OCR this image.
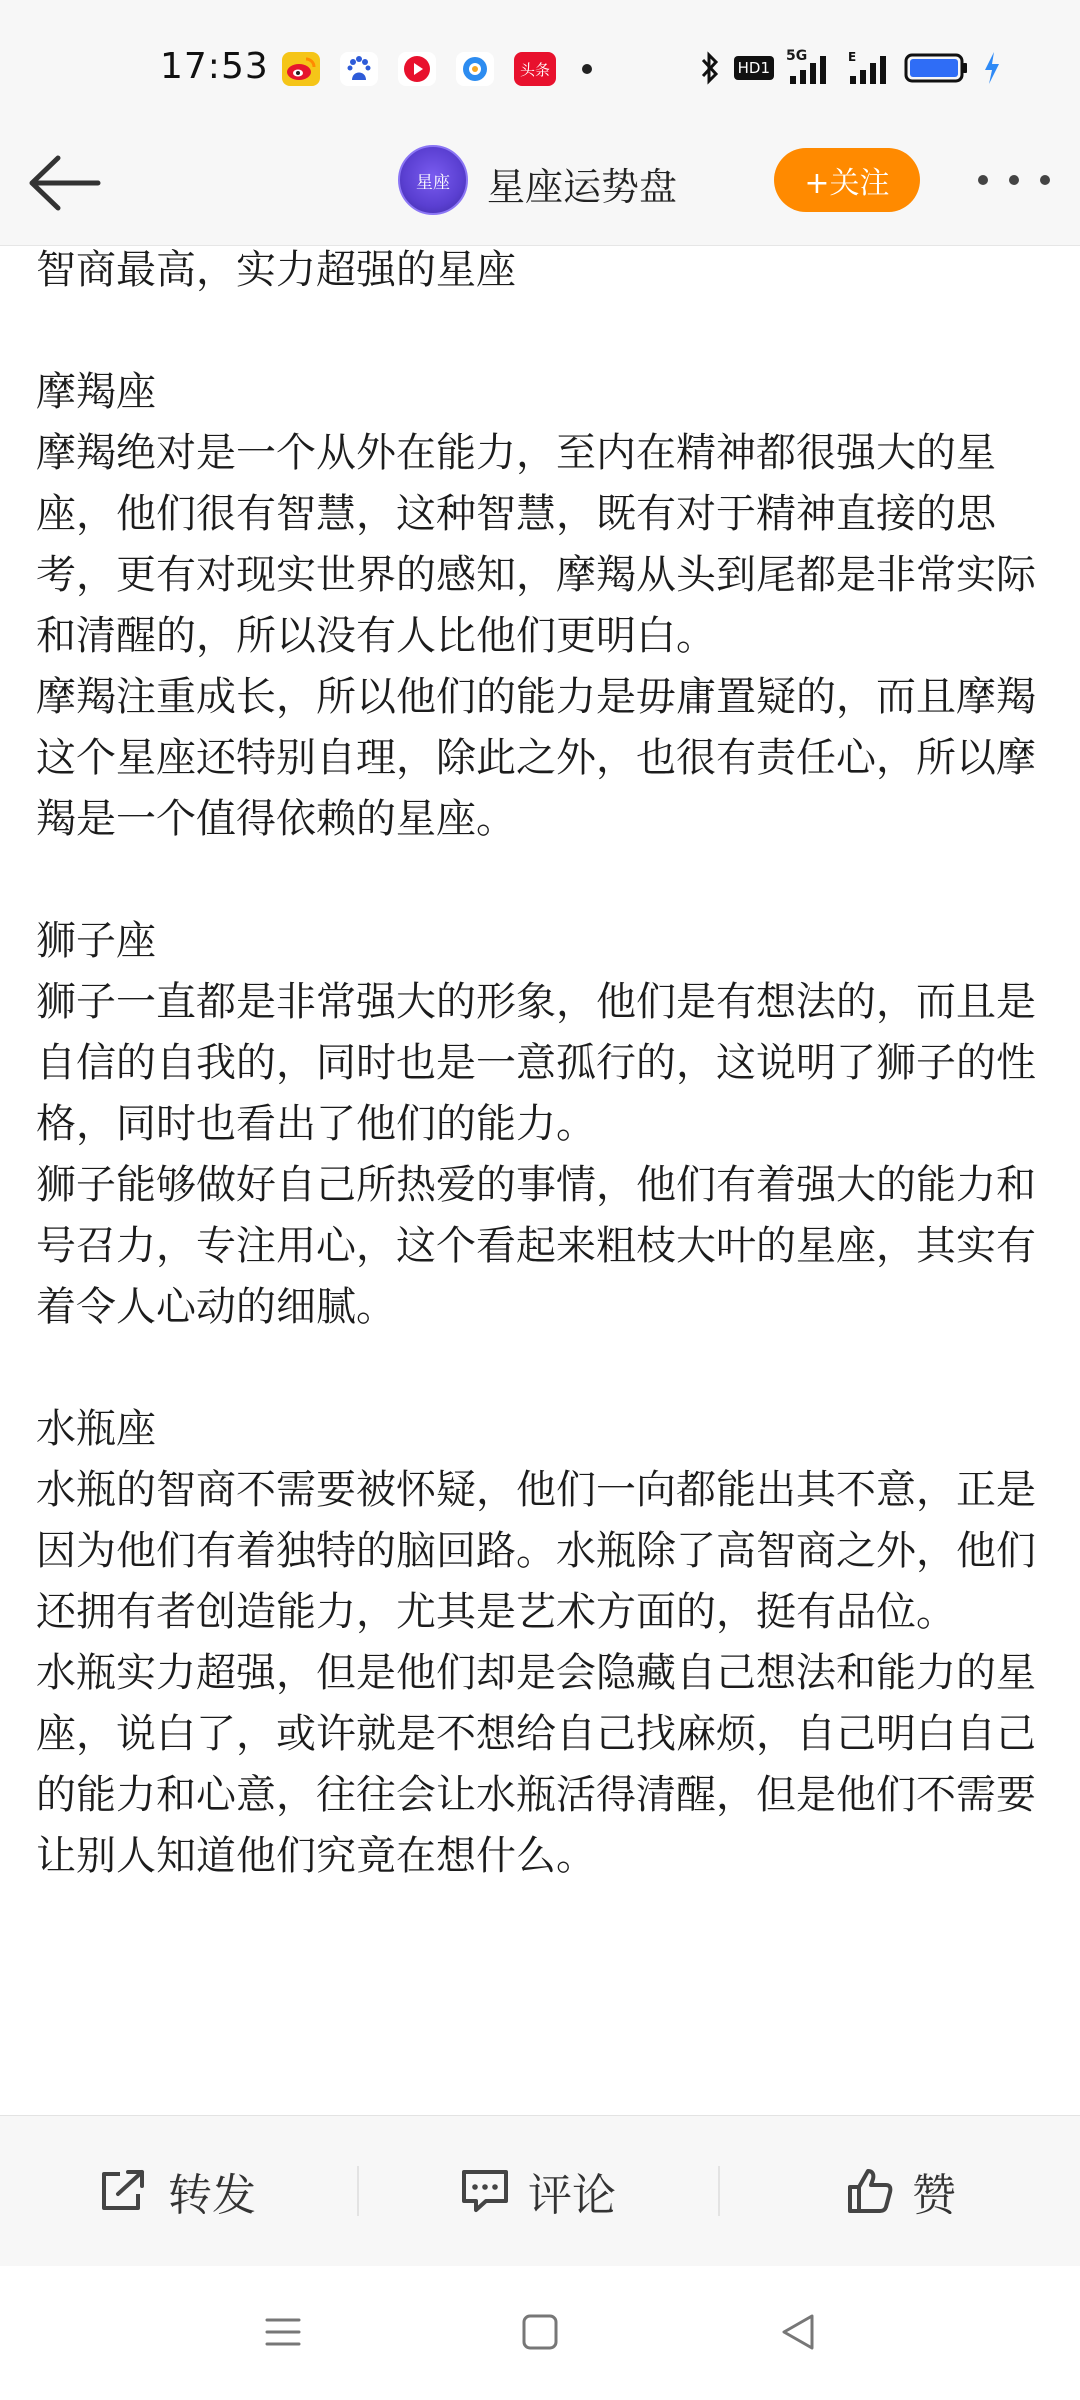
17:53	头条	HD1
5G	E
星座 星座运势盘	+关注

智商最高，实力超强的星座

摩羯座

摩羯绝对是一个从外在能力，至内在精神都很强大的星座，他们很有智慧，这种智慧，既有对于精神直接的思考，更有对现实世界的感知，摩羯从头到尾都是非常实际和清醒的，所以没有人比他们更明白。

摩羯注重成长，所以他们的能力是毋庸置疑的，而且摩羯这个星座还特别自理，除此之外，也很有责任心，所以摩羯是一个值得依赖的星座。

狮子座

狮子一直都是非常强大的形象，他们是有想法的，而且是自信的自我的，同时也是一意孤行的，这说明了狮子的性格，同时也看出了他们的能力。

狮子能够做好自己所热爱的事情，他们有着强大的能力和号召力，专注用心，这个看起来粗枝大叶的星座，其实有着令人心动的细腻。

水瓶座

水瓶的智商不需要被怀疑，他们一向都能出其不意，正是因为他们有着独特的脑回路。水瓶除了高智商之外，他们还拥有者创造能力，尤其是艺术方面的，挺有品位。

水瓶实力超强，但是他们却是会隐藏自己想法和能力的星座，说白了，或许就是不想给自己找麻烦，自己明白自己的能力和心意，往往会让水瓶活得清醒，但是他们不需要让别人知道他们究竟在想什么。

转发	评论	赞
